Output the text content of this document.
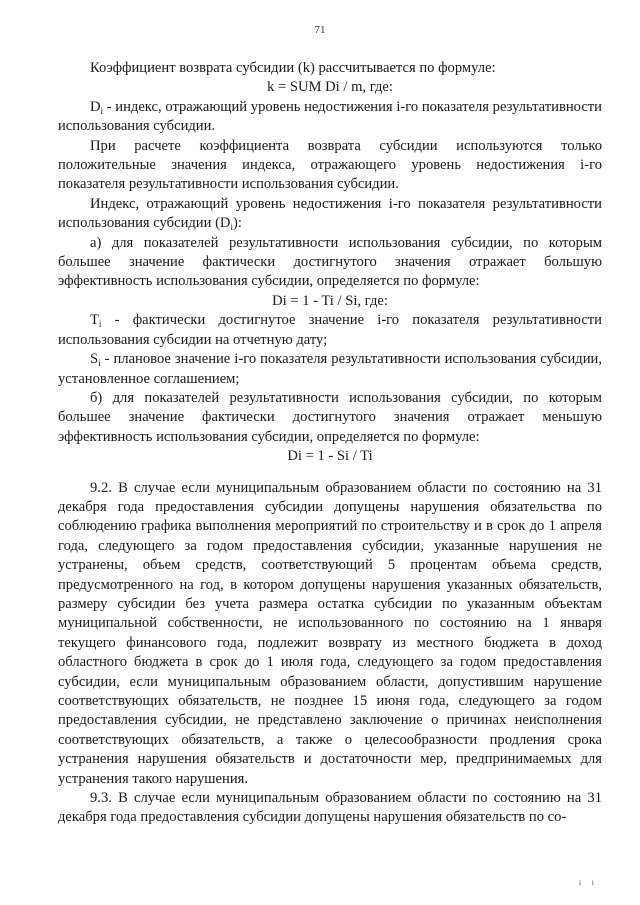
71

Коэффициент возврата субсидии (k) рассчитывается по формуле:

k = SUM Di / m, где:

$D_i$ - индекс, отражающий уровень недостижения i-го показателя результативности использования субсидии.

При расчете коэффициента возврата субсидии используются только положительные значения индекса, отражающего уровень недостижения i-го показателя результативности использования субсидии.

Индекс, отражающий уровень недостижения i-го показателя результативности использования субсидии $(D_i)$:

а) для показателей результативности использования субсидии, по которым большее значение фактически достигнутого значения отражает большую эффективность использования субсидии, определяется по формуле:

Di = 1 - Ti / Si, где:

$T_i$ - фактически достигнутое значение i-го показателя результативности использования субсидии на отчетную дату;

$S_i$ - плановое значение i-го показателя результативности использования субсидии, установленное соглашением;

б) для показателей результативности использования субсидии, по которым большее значение фактически достигнутого значения отражает меньшую эффективность использования субсидии, определяется по формуле:

Di = 1 - Si / Ti

9.2. В случае если муниципальным образованием области по состоянию на 31 декабря года предоставления субсидии допущены нарушения обязательства по соблюдению графика выполнения мероприятий по строительству и в срок до 1 апреля года, следующего за годом предоставления субсидии, указанные нарушения не устранены, объем средств, соответствующий 5 процентам объема средств, предусмотренного на год, в котором допущены нарушения указанных обязательств, размеру субсидии без учета размера остатка субсидии по указанным объектам муниципальной собственности, не использованного по состоянию на 1 января текущего финансового года, подлежит возврату из местного бюджета в доход областного бюджета в срок до 1 июля года, следующего за годом предоставления субсидии, если муниципальным образованием области, допустившим нарушение соответствующих обязательств, не позднее 15 июня года, следующего за годом предоставления субсидии, не представлено заключение о причинах неисполнения соответствующих обязательств, а также о целесообразности продления срока устранения нарушения обязательств и достаточности мер, предпринимаемых для устранения такого нарушения.

9.3. В случае если муниципальным образованием области по состоянию на 31 декабря года предоставления субсидии допущены нарушения обязательств по со-

ı ı
